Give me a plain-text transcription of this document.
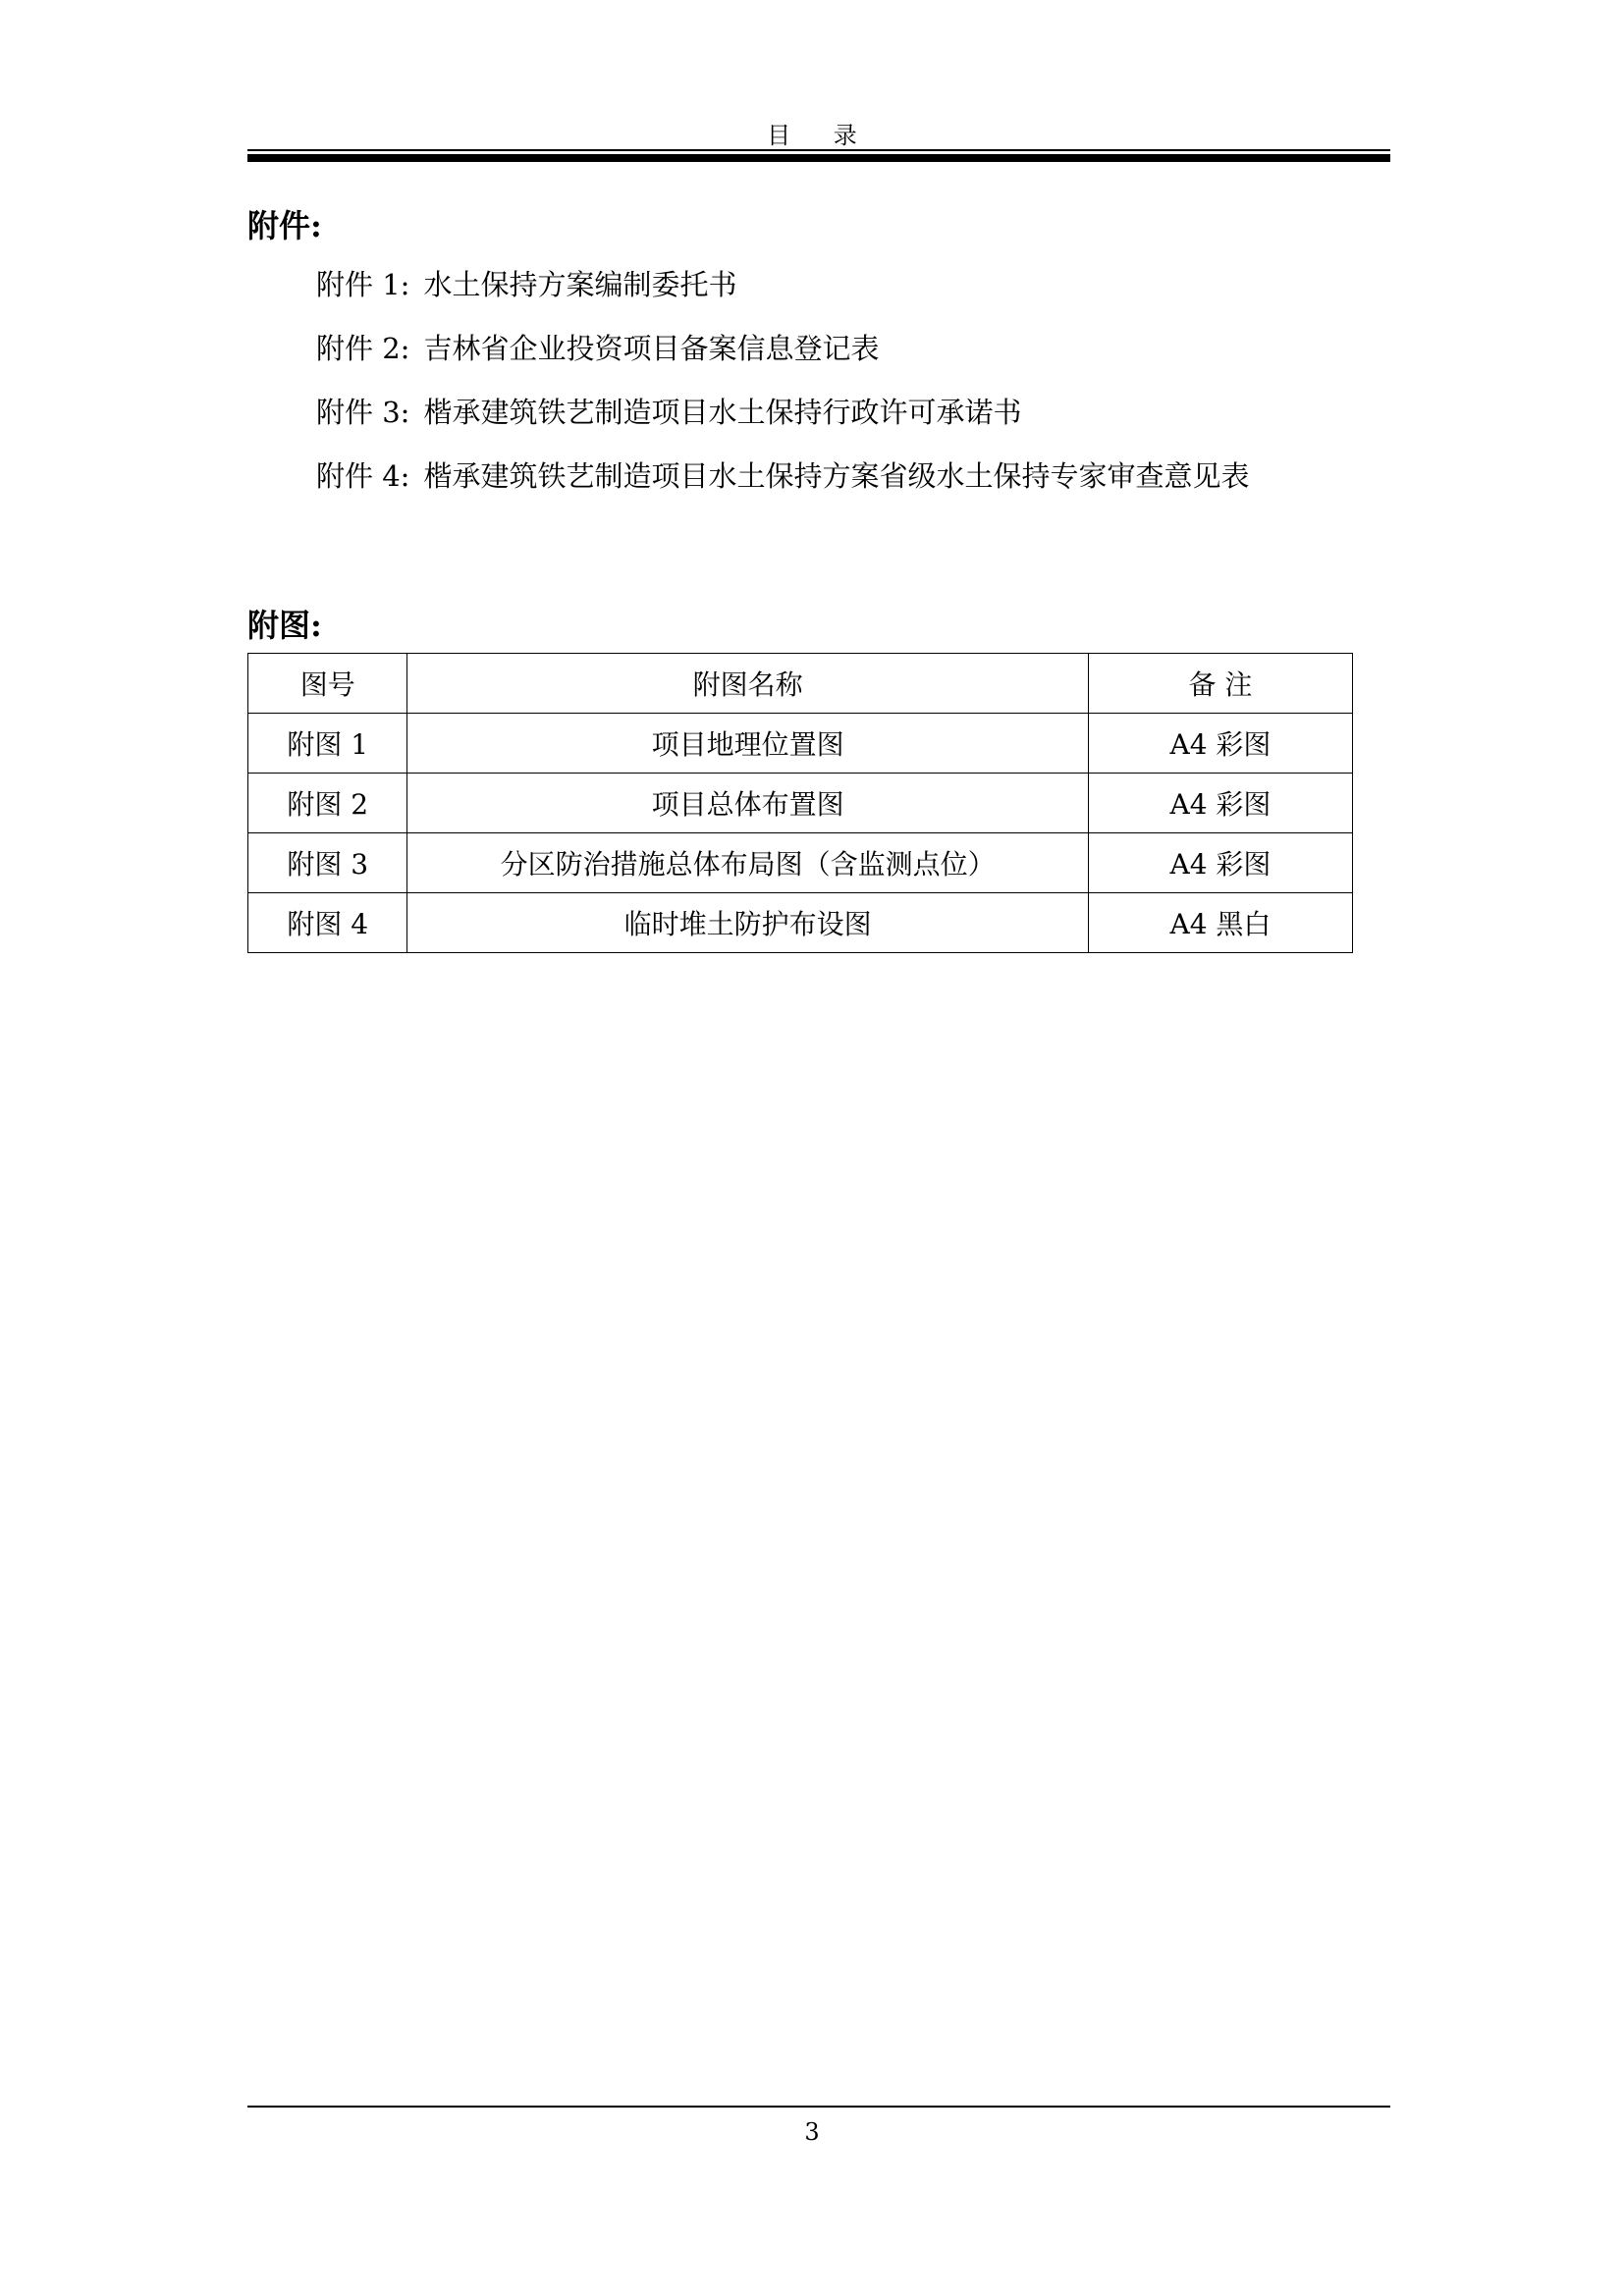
目 录
附件:
附件 1: 水土保持方案编制委托书
附件 2: 吉林省企业投资项目备案信息登记表
附件 3: 楷承建筑铁艺制造项目水土保持行政许可承诺书
附件 4: 楷承建筑铁艺制造项目水土保持方案省级水土保持专家审查意见表
附图:
图号	附图名称	备 注
附图 1	项目地理位置图	A4 彩图
附图 2	项目总体布置图	A4 彩图
附图 3	分区防治措施总体布局图（含监测点位）	A4 彩图
附图 4	临时堆土防护布设图	A4 黑白
3
